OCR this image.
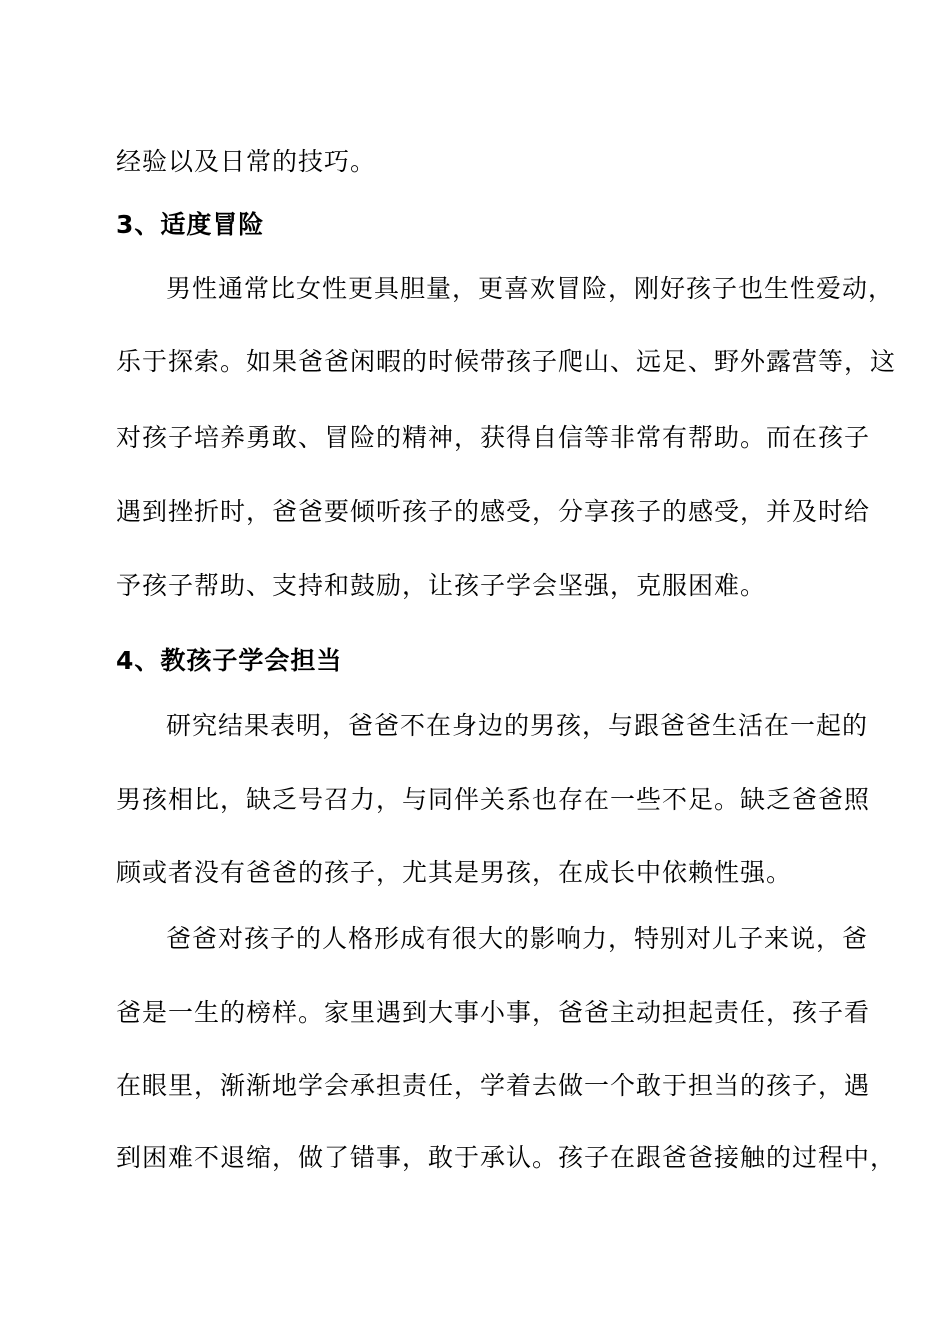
经验以及日常的技巧。
3、适度冒险
男性通常比女性更具胆量，更喜欢冒险，刚好孩子也生性爱动，
乐于探索。如果爸爸闲暇的时候带孩子爬山、远足、野外露营等，这
对孩子培养勇敢、冒险的精神，获得自信等非常有帮助。而在孩子
遇到挫折时，爸爸要倾听孩子的感受，分享孩子的感受，并及时给
予孩子帮助、支持和鼓励，让孩子学会坚强，克服困难。
4、教孩子学会担当
研究结果表明，爸爸不在身边的男孩，与跟爸爸生活在一起的
男孩相比，缺乏号召力，与同伴关系也存在一些不足。缺乏爸爸照
顾或者没有爸爸的孩子，尤其是男孩，在成长中依赖性强。
爸爸对孩子的人格形成有很大的影响力，特别对儿子来说，爸
爸是一生的榜样。家里遇到大事小事，爸爸主动担起责任，孩子看
在眼里，渐渐地学会承担责任，学着去做一个敢于担当的孩子，遇
到困难不退缩，做了错事，敢于承认。孩子在跟爸爸接触的过程中，
